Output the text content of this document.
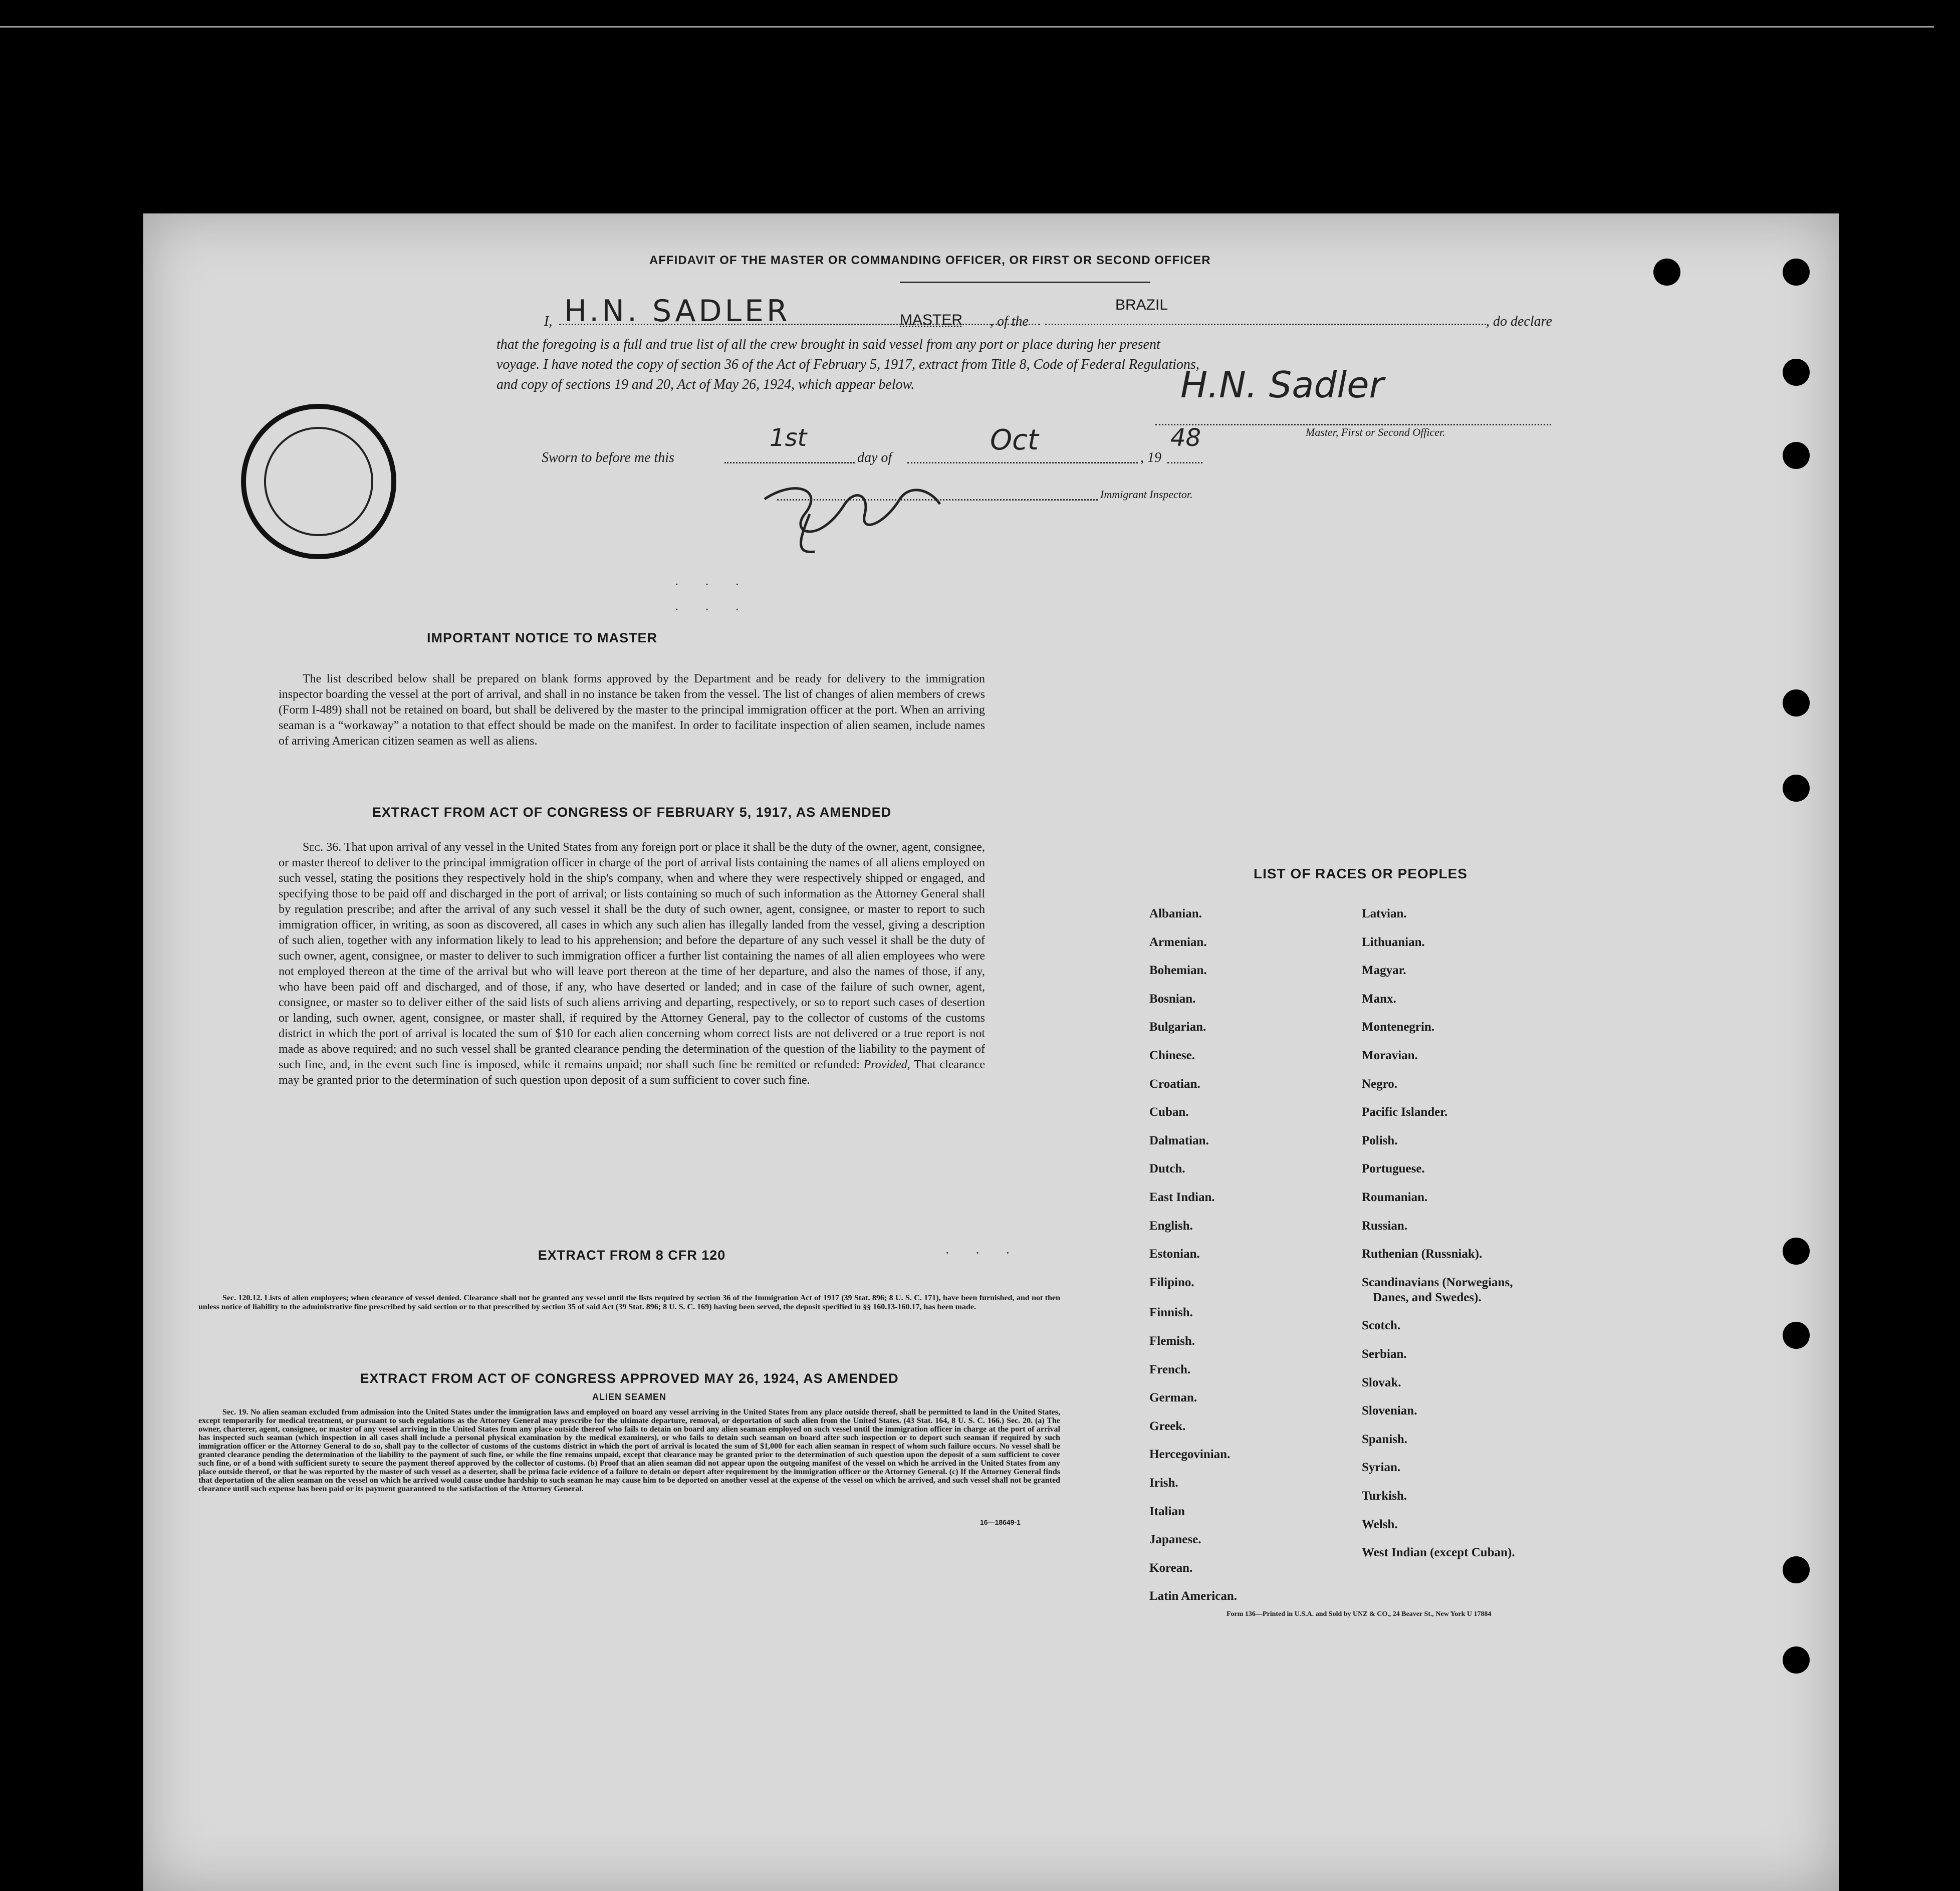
AFFIDAVIT OF THE MASTER OR COMMANDING OFFICER, OR FIRST OR SECOND OFFICER
I, H.N. SADLER	MASTER , of the
BRAZIL
, do declare
that the foregoing is a full and true list of all the crew brought in said vessel from any port or place during her present
voyage. I have noted the copy of section 36 of the Act of February 5, 1917, extract from Title 8, Code of Federal Regulations,
and copy of sections 19 and 20, Act of May 26, 1924, which appear below.	H.N. Sadler
Master, First or Second Officer.
Sworn to before me this
1st
day of
Oct
, 19
48
Immigrant Inspector.
IMPORTANT NOTICE TO MASTER
The list described below shall be prepared on blank forms approved by the Department and be ready for delivery to the immigration inspector boarding the vessel at the port of arrival, and shall in no instance be taken from the vessel. The list of changes of alien members of crews (Form I-489) shall not be retained on board, but shall be delivered by the master to the principal immigration officer at the port. When an arriving seaman is a “workaway” a notation to that effect should be made on the manifest. In order to facilitate inspection of alien seamen, include names of arriving American citizen seamen as well as aliens.
EXTRACT FROM ACT OF CONGRESS OF FEBRUARY 5, 1917, AS AMENDED
Sec. 36. That upon arrival of any vessel in the United States from any foreign port or place it shall be the duty of the owner, agent, consignee, or master thereof to deliver to the principal immigration officer in charge of the port of arrival lists containing the names of all aliens employed on such vessel, stating the positions they respectively hold in the ship's company, when and where they were respectively shipped or engaged, and specifying those to be paid off and discharged in the port of arrival; or lists containing so much of such information as the Attorney General shall by regulation prescribe; and after the arrival of any such vessel it shall be the duty of such owner, agent, consignee, or master to report to such immigration officer, in writing, as soon as discovered, all cases in which any such alien has illegally landed from the vessel, giving a description of such alien, together with any information likely to lead to his apprehension; and before the departure of any such vessel it shall be the duty of such owner, agent, consignee, or master to deliver to such immigration officer a further list containing the names of all alien employees who were not employed thereon at the time of the arrival but who will leave port thereon at the time of her departure, and also the names of those, if any, who have been paid off and discharged, and of those, if any, who have deserted or landed; and in case of the failure of such owner, agent, consignee, or master so to deliver either of the said lists of such aliens arriving and departing, respectively, or so to report such cases of desertion or landing, such owner, agent, consignee, or master shall, if required by the Attorney General, pay to the collector of customs of the customs district in which the port of arrival is located the sum of $10 for each alien concerning whom correct lists are not delivered or a true report is not made as above required; and no such vessel shall be granted clearance pending the determination of the question of the liability to the payment of such fine, and, in the event such fine is imposed, while it remains unpaid; nor shall such fine be remitted or refunded: Provided, That clearance may be granted prior to the determination of such question upon deposit of a sum sufficient to cover such fine.
EXTRACT FROM 8 CFR 120
Sec. 120.12. Lists of alien employees; when clearance of vessel denied. Clearance shall not be granted any vessel until the lists required by section 36 of the Immigration Act of 1917 (39 Stat. 896; 8 U. S. C. 171), have been furnished, and not then unless notice of liability to the administrative fine prescribed by said section or to that prescribed by section 35 of said Act (39 Stat. 896; 8 U. S. C. 169) having been served, the deposit specified in §§ 160.13-160.17, has been made.
EXTRACT FROM ACT OF CONGRESS APPROVED MAY 26, 1924, AS AMENDED
ALIEN SEAMEN
Sec. 19. No alien seaman excluded from admission into the United States under the immigration laws and employed on board any vessel arriving in the United States from any place outside thereof, shall be permitted to land in the United States, except temporarily for medical treatment, or pursuant to such regulations as the Attorney General may prescribe for the ultimate departure, removal, or deportation of such alien from the United States. (43 Stat. 164, 8 U. S. C. 166.) Sec. 20. (a) The owner, charterer, agent, consignee, or master of any vessel arriving in the United States from any place outside thereof who fails to detain on board any alien seaman employed on such vessel until the immigration officer in charge at the port of arrival has inspected such seaman (which inspection in all cases shall include a personal physical examination by the medical examiners), or who fails to detain such seaman on board after such inspection or to deport such seaman if required by such immigration officer or the Attorney General to do so, shall pay to the collector of customs of the customs district in which the port of arrival is located the sum of $1,000 for each alien seaman in respect of whom such failure occurs. No vessel shall be granted clearance pending the determination of the liability to the payment of such fine, or while the fine remains unpaid, except that clearance may be granted prior to the determination of such question upon the deposit of a sum sufficient to cover such fine, or of a bond with sufficient surety to secure the payment thereof approved by the collector of customs. (b) Proof that an alien seaman did not appear upon the outgoing manifest of the vessel on which he arrived in the United States from any place outside thereof, or that he was reported by the master of such vessel as a deserter, shall be prima facie evidence of a failure to detain or deport after requirement by the immigration officer or the Attorney General. (c) If the Attorney General finds that deportation of the alien seaman on the vessel on which he arrived would cause undue hardship to such seaman he may cause him to be deported on another vessel at the expense of the vessel on which he arrived, and such vessel shall not be granted clearance until such expense has been paid or its payment guaranteed to the satisfaction of the Attorney General.
16—18649-1
LIST OF RACES OR PEOPLES
Albanian.
Armenian.
Bohemian.
Bosnian.
Bulgarian.
Chinese.
Croatian.
Cuban.
Dalmatian.
Dutch.
East Indian.
English.
Estonian.
Filipino.
Finnish.
Flemish.
French.
German.
Greek.
Hercegovinian.
Irish.
Italian
Japanese.
Korean.
Latin American.
Latvian.
Lithuanian.
Magyar.
Manx.
Montenegrin.
Moravian.
Negro.
Pacific Islander.
Polish.
Portuguese.
Roumanian.
Russian.
Ruthenian (Russniak).
Scandinavians (Norwegians,
Danes, and Swedes).
Scotch.
Serbian.
Slovak.
Slovenian.
Spanish.
Syrian.
Turkish.
Welsh.
West Indian (except Cuban).
Form 136—Printed in U.S.A. and Sold by UNZ & CO., 24 Beaver St., New York U 17884
· · ·
· · ·
· · ·
